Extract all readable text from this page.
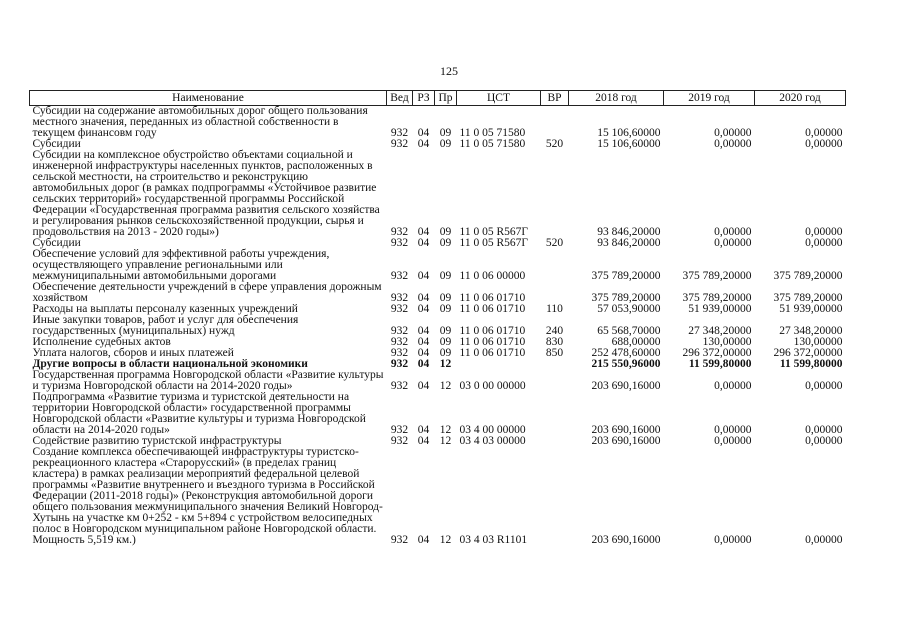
125
Наименование	Вед	РЗ	Пр	ЦСТ	ВР	2018 год	2019 год	2020 год
Субсидии на содержание автомобильных дорог общего пользования местного значения, переданных из областной собственности в текущем финансовм году	932	04	09	11 0 05 71580		15 106,60000	0,00000	0,00000
Субсидии	932	04	09	11 0 05 71580	520	15 106,60000	0,00000	0,00000
Субсидии на комплексное обустройство объектами социальной и инженерной инфраструктуры населенных пунктов, расположенных в сельской местности, на строительство и реконструкцию автомобильных дорог (в рамках подпрограммы «Устойчивое развитие сельских территорий» государственной программы Российской Федерации «Государственная программа развития сельского хозяйства и регулирования рынков сельскохозяйственной продукции, сырья и продовольствия на 2013 - 2020 годы»)	932	04	09	11 0 05 R567Г		93 846,20000	0,00000	0,00000
Субсидии	932	04	09	11 0 05 R567Г	520	93 846,20000	0,00000	0,00000
Обеспечение условий для эффективной работы учреждения, осуществляющего управление региональными или межмуниципальными автомобильными дорогами	932	04	09	11 0 06 00000		375 789,20000	375 789,20000	375 789,20000
Обеспечение деятельности учреждений в сфере управления дорожным хозяйством	932	04	09	11 0 06 01710		375 789,20000	375 789,20000	375 789,20000
Расходы на выплаты персоналу казенных учреждений	932	04	09	11 0 06 01710	110	57 053,90000	51 939,00000	51 939,00000
Иные закупки товаров, работ и услуг для обеспечения государственных (муниципальных) нужд	932	04	09	11 0 06 01710	240	65 568,70000	27 348,20000	27 348,20000
Исполнение судебных актов	932	04	09	11 0 06 01710	830	688,00000	130,00000	130,00000
Уплата налогов, сборов и иных платежей	932	04	09	11 0 06 01710	850	252 478,60000	296 372,00000	296 372,00000
Другие вопросы в области национальной экономики	932	04	12			215 550,96000	11 599,80000	11 599,80000
Государственная программа Новгородской области «Развитие культуры и туризма Новгородской области на 2014-2020 годы»	932	04	12	03 0 00 00000		203 690,16000	0,00000	0,00000
Подпрограмма «Развитие туризма и туристской деятельности на территории Новгородской области» государственной программы Новгородской области «Развитие культуры и туризма Новгородской области на 2014-2020 годы»	932	04	12	03 4 00 00000		203 690,16000	0,00000	0,00000
Содействие развитию туристской инфраструктуры	932	04	12	03 4 03 00000		203 690,16000	0,00000	0,00000
Создание комплекса обеспечивающей инфраструктуры туристско-рекреационного кластера «Старорусский» (в пределах границ кластера) в рамках реализации мероприятий федеральной целевой программы «Развитие внутреннего и въездного туризма в Российской Федерации (2011-2018 годы)» (Реконструкция автомобильной дороги общего пользования межмуниципального значения Великий Новгород-Хутынь на участке км 0+252 - км 5+894 с устройством велосипедных полос в Новгородском муниципальном районе Новгородской области. Мощность 5,519 км.)	932	04	12	03 4 03 R1101		203 690,16000	0,00000	0,00000
